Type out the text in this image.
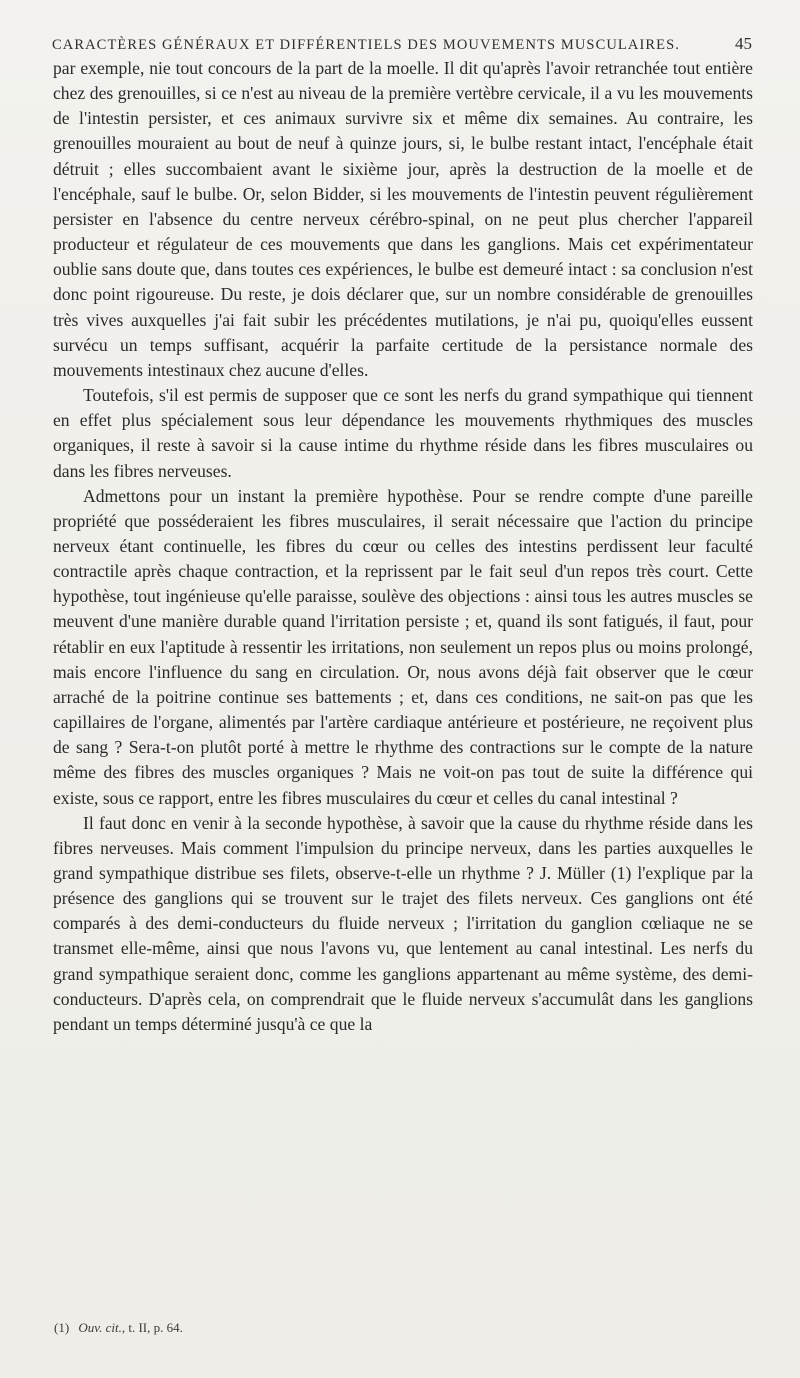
CARACTÈRES GÉNÉRAUX ET DIFFÉRENTIELS DES MOUVEMENTS MUSCULAIRES.	45

par exemple, nie tout concours de la part de la moelle. Il dit qu'après l'avoir retranchée tout entière chez des grenouilles, si ce n'est au niveau de la première vertèbre cervicale, il a vu les mouvements de l'intestin persister, et ces animaux survivre six et même dix semaines. Au contraire, les grenouilles mouraient au bout de neuf à quinze jours, si, le bulbe restant intact, l'encéphale était détruit ; elles succombaient avant le sixième jour, après la destruction de la moelle et de l'encéphale, sauf le bulbe. Or, selon Bidder, si les mouvements de l'intestin peuvent régulièrement persister en l'absence du centre nerveux cérébro-spinal, on ne peut plus chercher l'appareil producteur et régulateur de ces mouvements que dans les ganglions. Mais cet expérimentateur oublie sans doute que, dans toutes ces expériences, le bulbe est demeuré intact : sa conclusion n'est donc point rigoureuse. Du reste, je dois déclarer que, sur un nombre considérable de grenouilles très vives auxquelles j'ai fait subir les précédentes mutilations, je n'ai pu, quoiqu'elles eussent survécu un temps suffisant, acquérir la parfaite certitude de la persistance normale des mouvements intestinaux chez aucune d'elles.

Toutefois, s'il est permis de supposer que ce sont les nerfs du grand sympathique qui tiennent en effet plus spécialement sous leur dépendance les mouvements rhythmiques des muscles organiques, il reste à savoir si la cause intime du rhythme réside dans les fibres musculaires ou dans les fibres nerveuses.

Admettons pour un instant la première hypothèse. Pour se rendre compte d'une pareille propriété que posséderaient les fibres musculaires, il serait nécessaire que l'action du principe nerveux étant continuelle, les fibres du cœur ou celles des intestins perdissent leur faculté contractile après chaque contraction, et la reprissent par le fait seul d'un repos très court. Cette hypothèse, tout ingénieuse qu'elle paraisse, soulève des objections : ainsi tous les autres muscles se meuvent d'une manière durable quand l'irritation persiste ; et, quand ils sont fatigués, il faut, pour rétablir en eux l'aptitude à ressentir les irritations, non seulement un repos plus ou moins prolongé, mais encore l'influence du sang en circulation. Or, nous avons déjà fait observer que le cœur arraché de la poitrine continue ses battements ; et, dans ces conditions, ne sait-on pas que les capillaires de l'organe, alimentés par l'artère cardiaque antérieure et postérieure, ne reçoivent plus de sang ? Sera-t-on plutôt porté à mettre le rhythme des contractions sur le compte de la nature même des fibres des muscles organiques ? Mais ne voit-on pas tout de suite la différence qui existe, sous ce rapport, entre les fibres musculaires du cœur et celles du canal intestinal ?

Il faut donc en venir à la seconde hypothèse, à savoir que la cause du rhythme réside dans les fibres nerveuses. Mais comment l'impulsion du principe nerveux, dans les parties auxquelles le grand sympathique distribue ses filets, observe-t-elle un rhythme ? J. Müller (1) l'explique par la présence des ganglions qui se trouvent sur le trajet des filets nerveux. Ces ganglions ont été comparés à des demi-conducteurs du fluide nerveux ; l'irritation du ganglion cœliaque ne se transmet elle-même, ainsi que nous l'avons vu, que lentement au canal intestinal. Les nerfs du grand sympathique seraient donc, comme les ganglions appartenant au même système, des demi-conducteurs. D'après cela, on comprendrait que le fluide nerveux s'accumulât dans les ganglions pendant un temps déterminé jusqu'à ce que la

(1) Ouv. cit., t. II, p. 64.
